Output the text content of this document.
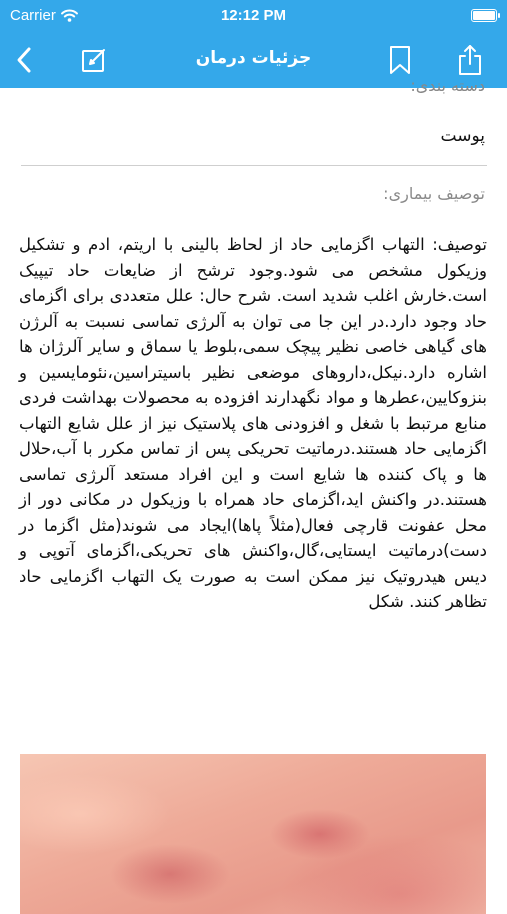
Carrier	12:12 PM
جزئیات درمان
دسته بندی:
پوست
توصیف بیماری:
توصیف: التهاب اگزمایی حاد از لحاظ بالینی با اریتم، ادم و تشکیل وزیکول مشخص می شود.وجود ترشح از ضایعات حاد تیپیک است.خارش اغلب شدید است. شرح حال: علل متعددی برای اگزمای حاد وجود دارد.در این جا می توان به آلرژی تماسی نسبت به آلرژن های گیاهی خاصی نظیر پیچک سمی،بلوط یا سماق و سایر آلرژان ها اشاره دارد.نیکل،داروهای موضعی نظیر باسیتراسین،نئومایسین و بنزوکایین،عطرها و مواد نگهدارند افزوده به محصولات بهداشت فردی منابع مرتبط با شغل و افزودنی های پلاستیک نیز از علل شایع التهاب اگزمایی حاد هستند.درماتیت تحریکی پس از تماس مکرر با آب،حلال ها و پاک کننده ها شایع است و این افراد مستعد آلرژی تماسی هستند.در واکنش اید،اگزمای حاد همراه با وزیکول در مکانی دور از محل عفونت قارچی فعال(مثلاً پاها)ایجاد می شوند(مثل اگزما در دست)درماتیت ایستایی،گال،واکنش های تحریکی،اگزمای آتوپی و دیس هیدروتیک نیز ممکن است به صورت یک التهاب اگزمایی حاد تظاهر کنند. شکل
